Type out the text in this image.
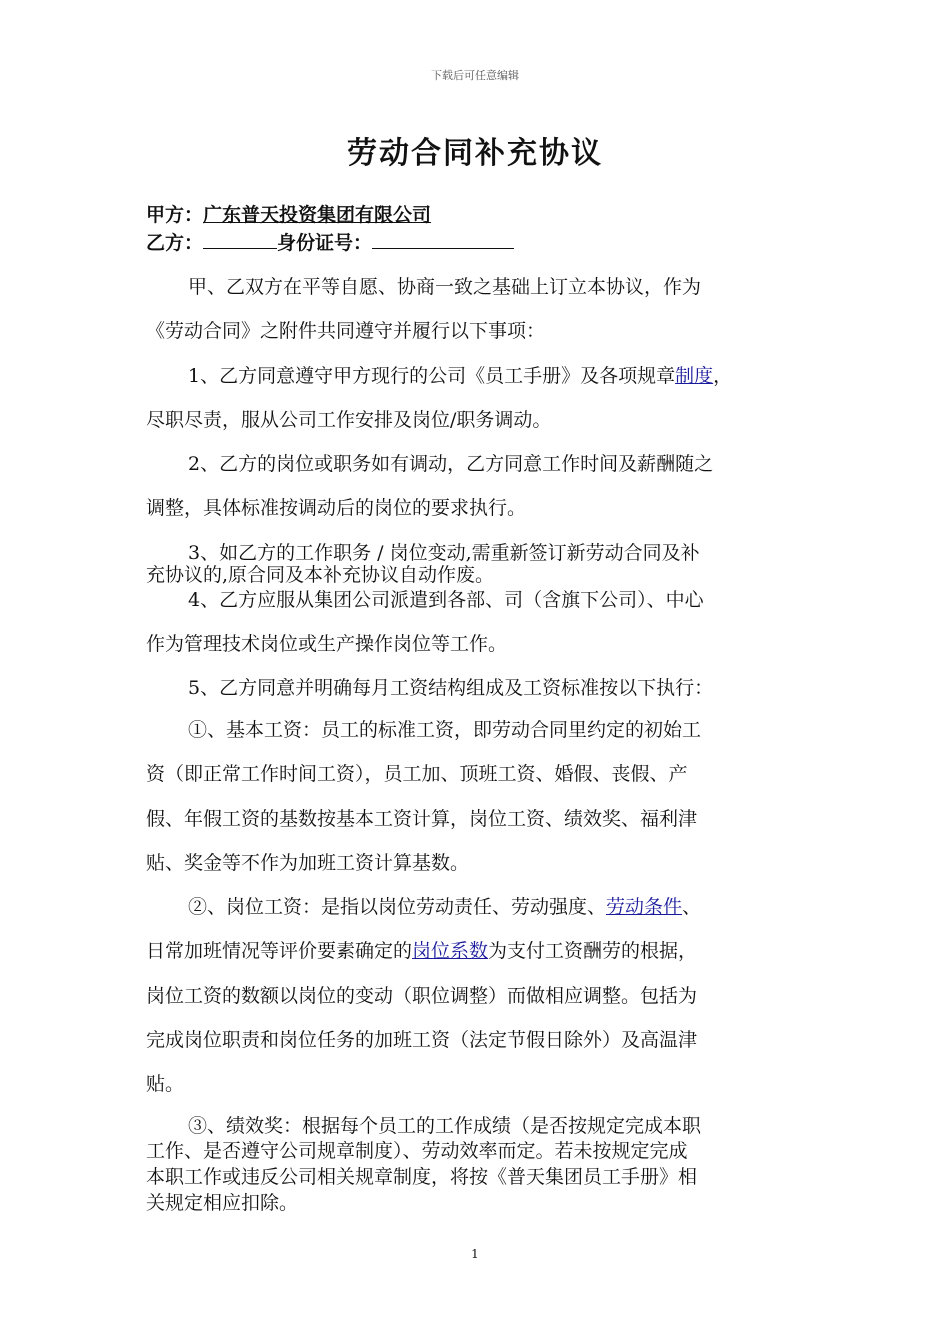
下载后可任意编辑
劳动合同补充协议
甲方：广东普天投资集团有限公司
乙方：	身份证号：
甲、乙双方在平等自愿、协商一致之基础上订立本协议，作为
《劳动合同》之附件共同遵守并履行以下事项：
1、乙方同意遵守甲方现行的公司《员工手册》及各项规章制度，
尽职尽责，服从公司工作安排及岗位/职务调动。
2、乙方的岗位或职务如有调动，乙方同意工作时间及薪酬随之
调整，具体标准按调动后的岗位的要求执行。
3、如乙方的工作职务 / 岗位变动,需重新签订新劳动合同及补
充协议的,原合同及本补充协议自动作废。
4、乙方应服从集团公司派遣到各部、司（含旗下公司）、中心
作为管理技术岗位或生产操作岗位等工作。
5、乙方同意并明确每月工资结构组成及工资标准按以下执行：
①、基本工资：员工的标准工资，即劳动合同里约定的初始工
资（即正常工作时间工资），员工加、顶班工资、婚假、丧假、产
假、年假工资的基数按基本工资计算，岗位工资、绩效奖、福利津
贴、奖金等不作为加班工资计算基数。
②、岗位工资：是指以岗位劳动责任、劳动强度、劳动条件、
日常加班情况等评价要素确定的岗位系数为支付工资酬劳的根据，
岗位工资的数额以岗位的变动（职位调整）而做相应调整。包括为
完成岗位职责和岗位任务的加班工资（法定节假日除外）及高温津
贴。
③、绩效奖：根据每个员工的工作成绩（是否按规定完成本职
工作、是否遵守公司规章制度）、劳动效率而定。若未按规定完成
本职工作或违反公司相关规章制度，将按《普天集团员工手册》相
关规定相应扣除。
1
